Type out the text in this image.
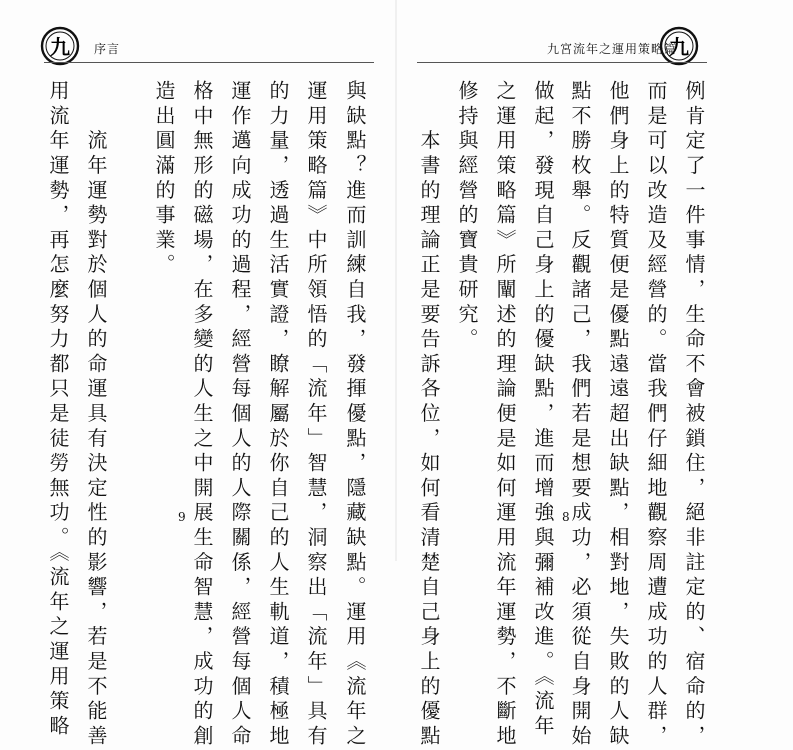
九 序言
與缺點？進而訓練自我，發揮優點，隱藏缺點。運用《流年之
運用策略篇》中所領悟的「流年」智慧，洞察出「流年」具有
的力量，透過生活實證，瞭解屬於你自己的人生軌道，積極地
運作邁向成功的過程，經營每個人的人際關係，經營每個人命
格中無形的磁場，在多變的人生之中開展生命智慧，成功的創
造出圓滿的事業。
　　流年運勢對於個人的命運具有決定性的影響，若是不能善
用流年運勢，再怎麼努力都只是徒勞無功。《流年之運用策略	9
九
九宮流年之運用策略篇
例肯定了一件事情，生命不會被鎖住，絕非註定的、宿命的，
而是可以改造及經營的。當我們仔細地觀察周遭成功的人群，
他們身上的特質便是優點遠遠超出缺點，相對地，失敗的人缺
點不勝枚舉。反觀諸己，我們若是想要成功，必須從自身開始
做起，發現自己身上的優缺點，進而增強與彌補改進。《流年
之運用策略篇》所闡述的理論便是如何運用流年運勢，不斷地
修持與經營的寶貴研究。
　　本書的理論正是要告訴各位，如何看清楚自己身上的優點	8
